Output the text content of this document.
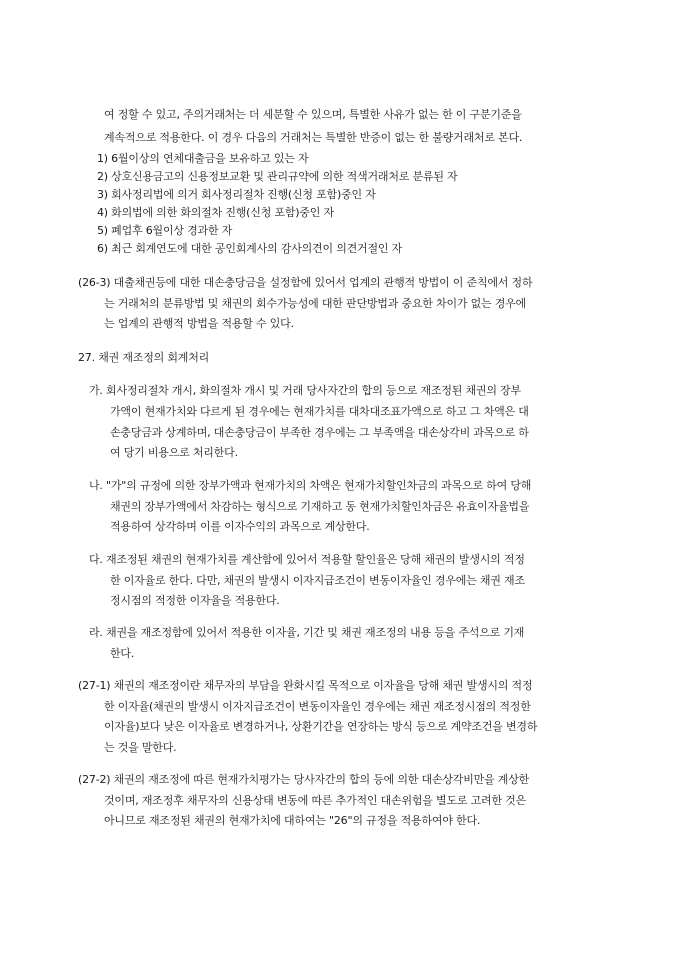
여 정할 수 있고, 주의거래처는 더 세분할 수 있으며, 특별한 사유가 없는 한 이 구분기준을
계속적으로 적용한다. 이 경우 다음의 거래처는 특별한 반증이 없는 한 불량거래처로 본다.
1) 6월이상의 연체대출금을 보유하고 있는 자
2) 상호신용금고의 신용정보교환 및 관리규약에 의한 적색거래처로 분류된 자
3) 회사정리법에 의거 회사정리절차 진행(신청 포함)중인 자
4) 화의법에 의한 화의절차 진행(신청 포함)중인 자
5) 폐업후 6월이상 경과한 자
6) 최근 회계연도에 대한 공인회계사의 감사의견이 의견거절인 자
(26-3) 대출채권등에 대한 대손충당금을 설정함에 있어서 업계의 관행적 방법이 이 준칙에서 정하
는 거래처의 분류방법 및 채권의 회수가능성에 대한 판단방법과 중요한 차이가 없는 경우에
는 업계의 관행적 방법을 적용할 수 있다.
27. 채권 재조정의 회계처리
가. 회사정리절차 개시, 화의절차 개시 및 거래 당사자간의 합의 등으로 재조정된 채권의 장부
가액이 현재가치와 다르게 된 경우에는 현재가치를 대차대조표가액으로 하고 그 차액은 대
손충당금과 상계하며, 대손충당금이 부족한 경우에는 그 부족액을 대손상각비 과목으로 하
여 당기 비용으로 처리한다.
나. "가"의 규정에 의한 장부가액과 현재가치의 차액은 현재가치할인차금의 과목으로 하여 당해
채권의 장부가액에서 차감하는 형식으로 기재하고 동 현재가치할인차금은 유효이자율법을
적용하여 상각하며 이를 이자수익의 과목으로 계상한다.
다. 재조정된 채권의 현재가치를 계산함에 있어서 적용할 할인율은 당해 채권의 발생시의 적정
한 이자율로 한다. 다만, 채권의 발생시 이자지급조건이 변동이자율인 경우에는 채권 재조
정시점의 적정한 이자율을 적용한다.
라. 채권을 재조정함에 있어서 적용한 이자율, 기간 및 채권 재조정의 내용 등을 주석으로 기재
한다.
(27-1) 채권의 재조정이란 채무자의 부담을 완화시킬 목적으로 이자율을 당해 채권 발생시의 적정
한 이자율(채권의 발생시 이자지급조건이 변동이자율인 경우에는 채권 재조정시점의 적정한
이자율)보다 낮은 이자율로 변경하거나, 상환기간을 연장하는 방식 등으로 계약조건을 변경하
는 것을 말한다.
(27-2) 채권의 재조정에 따른 현재가치평가는 당사자간의 합의 등에 의한 대손상각비만을 계상한
것이며, 재조정후 채무자의 신용상태 변동에 따른 추가적인 대손위험을 별도로 고려한 것은
아니므로 재조정된 채권의 현재가치에 대하여는 "26"의 규정을 적용하여야 한다.
